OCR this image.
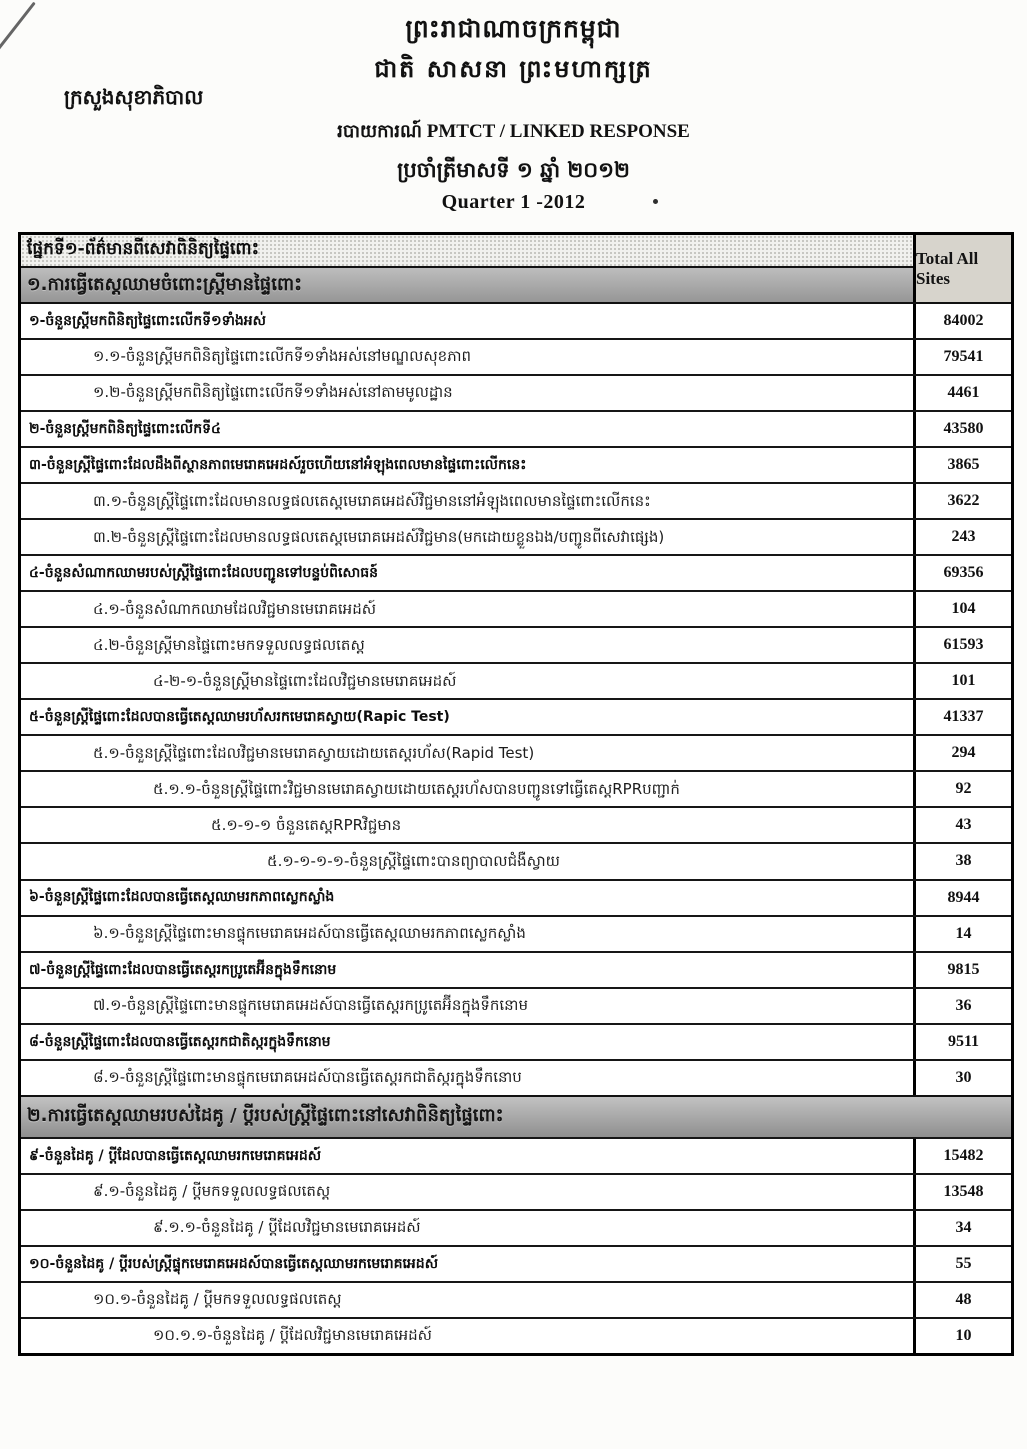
ព្រះរាជាណាចក្រកម្ពុជា
ជាតិ សាសនា ព្រះមហាក្សត្រ
ក្រសួងសុខាភិបាល
របាយការណ៍ PMTCT / LINKED RESPONSE
ប្រចាំត្រីមាសទី ១ ឆ្នាំ ២០១២
Quarter 1 -2012
ផ្នែកទី១-ព័ត៌មានពីសេវាពិនិត្យផ្ទៃពោះ
១.ការធ្វើតេស្តឈាមចំពោះស្ត្រីមានផ្ទៃពោះ
Total All Sites
១-ចំនួនស្ត្រីមកពិនិត្យផ្ទៃពោះលើកទី១ទាំងអស់	84002
១.១-ចំនួនស្ត្រីមកពិនិត្យផ្ទៃពោះលើកទី១ទាំងអស់នៅមណ្ឌលសុខភាព	79541
១.២-ចំនួនស្ត្រីមកពិនិត្យផ្ទៃពោះលើកទី១ទាំងអស់នៅតាមមូលដ្ឋាន	4461
២-ចំនួនស្ត្រីមកពិនិត្យផ្ទៃពោះលើកទី៤	43580
៣-ចំនួនស្ត្រីផ្ទៃពោះដែលដឹងពីស្ថានភាពមេរោគអេដស៍រួចហើយនៅអំឡុងពេលមានផ្ទៃពោះលើកនេះ	3865
៣.១-ចំនួនស្ត្រីផ្ទៃពោះដែលមានលទ្ធផលតេស្តមេរោគអេដស៍វិជ្ជមាននៅអំឡុងពេលមានផ្ទៃពោះលើកនេះ	3622
៣.២-ចំនួនស្ត្រីផ្ទៃពោះដែលមានលទ្ធផលតេស្តមេរោគអេដស៍វិជ្ជមាន(មកដោយខ្លួនឯង/បញ្ជូនពីសេវាផ្សេង)	243
៤-ចំនួនសំណាកឈាមរបស់ស្ត្រីផ្ទៃពោះដែលបញ្ជូនទៅបន្ទប់ពិសោធន៍	69356
៤.១-ចំនួនសំណាកឈាមដែលវិជ្ជមានមេរោគអេដស៍	104
៤.២-ចំនួនស្ត្រីមានផ្ទៃពោះមកទទួលលទ្ធផលតេស្ត	61593
៤-២-១-ចំនួនស្ត្រីមានផ្ទៃពោះដែលវិជ្ជមានមេរោគអេដស៍	101
៥-ចំនួនស្ត្រីផ្ទៃពោះដែលបានធ្វើតេស្តឈាមរហ័សរកមេរោគស្វាយ(Rapic Test)	41337
៥.១-ចំនួនស្ត្រីផ្ទៃពោះដែលវិជ្ជមានមេរោគស្វាយដោយតេស្តរហ័ស(Rapid Test)	294
៥.១.១-ចំនួនស្ត្រីផ្ទៃពោះវិជ្ជមានមេរោគស្វាយដោយតេស្តរហ័សបានបញ្ជូនទៅធ្វើតេស្តRPRបញ្ជាក់	92
៥.១-១-១ ចំនួនតេស្តRPRវិជ្ជមាន	43
៥.១-១-១-១-ចំនួនស្ត្រីផ្ទៃពោះបានព្យាបាលជំងឺស្វាយ	38
៦-ចំនួនស្ត្រីផ្ទៃពោះដែលបានធ្វើតេស្តឈាមរកភាពស្លេកស្លាំង	8944
៦.១-ចំនួនស្ត្រីផ្ទៃពោះមានផ្ទុកមេរោគអេដស៍បានធ្វើតេស្តឈាមរកភាពស្លេកស្លាំង	14
៧-ចំនួនស្ត្រីផ្ទៃពោះដែលបានធ្វើតេស្តរកប្រូតេអ៊ីនក្នុងទឹកនោម	9815
៧.១-ចំនួនស្ត្រីផ្ទៃពោះមានផ្ទុកមេរោគអេដស៍បានធ្វើតេស្តរកប្រូតេអ៊ីនក្នុងទឹកនោម	36
៨-ចំនួនស្ត្រីផ្ទៃពោះដែលបានធ្វើតេស្តរកជាតិស្ករក្នុងទឹកនោម	9511
៨.១-ចំនួនស្ត្រីផ្ទៃពោះមានផ្ទុកមេរោគអេដស៍បានធ្វើតេស្តរកជាតិស្ករក្នុងទឹកនោប	30
២.ការធ្វើតេស្តឈាមរបស់ដៃគូ / ប្តីរបស់ស្ត្រីផ្ទៃពោះនៅសេវាពិនិត្យផ្ទៃពោះ
៩-ចំនួនដៃគូ / ប្តីដែលបានធ្វើតេស្តឈាមរកមេរោគអេដស៍	15482
៩.១-ចំនួនដៃគូ / ប្តីមកទទួលលទ្ធផលតេស្ត	13548
៩.១.១-ចំនួនដៃគូ / ប្តីដែលវិជ្ជមានមេរោគអេដស៍	34
១០-ចំនួនដៃគូ / ប្តីរបស់ស្ត្រីផ្ទុកមេរោគអេដស៍បានធ្វើតេស្តឈាមរកមេរោគអេដស៍	55
១០.១-ចំនួនដៃគូ / ប្តីមកទទួលលទ្ធផលតេស្ត	48
១០.១.១-ចំនួនដៃគូ / ប្តីដែលវិជ្ជមានមេរោគអេដស៍	10
